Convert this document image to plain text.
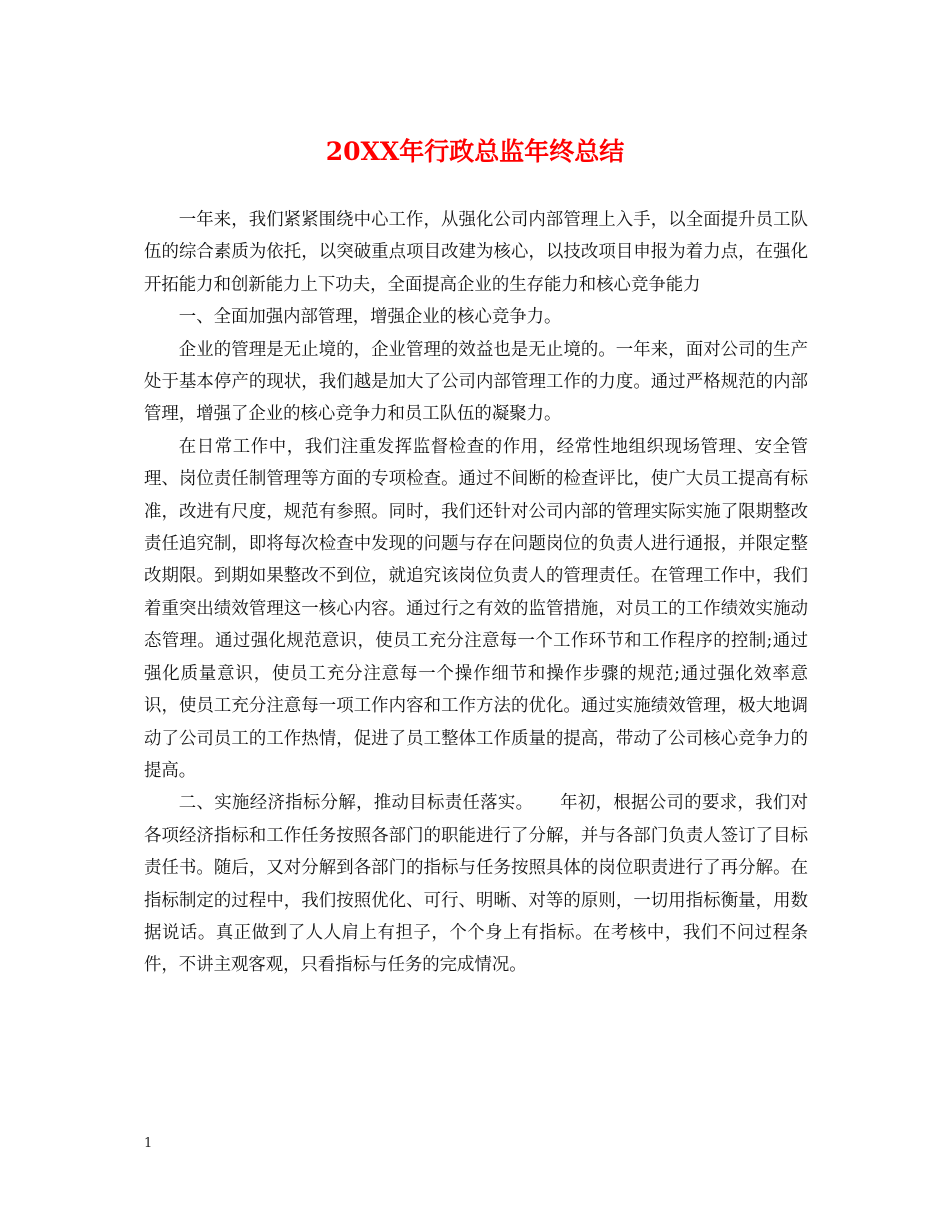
20XX年行政总监年终总结

一年来，我们紧紧围绕中心工作，从强化公司内部管理上入手，以全面提升员工队伍的综合素质为依托，以突破重点项目改建为核心，以技改项目申报为着力点，在强化开拓能力和创新能力上下功夫，全面提高企业的生存能力和核心竞争能力

一、全面加强内部管理，增强企业的核心竞争力。

企业的管理是无止境的，企业管理的效益也是无止境的。一年来，面对公司的生产处于基本停产的现状，我们越是加大了公司内部管理工作的力度。通过严格规范的内部管理，增强了企业的核心竞争力和员工队伍的凝聚力。

在日常工作中，我们注重发挥监督检查的作用，经常性地组织现场管理、安全管理、岗位责任制管理等方面的专项检查。通过不间断的检查评比，使广大员工提高有标准，改进有尺度，规范有参照。同时，我们还针对公司内部的管理实际实施了限期整改责任追究制，即将每次检查中发现的问题与存在问题岗位的负责人进行通报，并限定整改期限。到期如果整改不到位，就追究该岗位负责人的管理责任。在管理工作中，我们着重突出绩效管理这一核心内容。通过行之有效的监管措施，对员工的工作绩效实施动态管理。通过强化规范意识，使员工充分注意每一个工作环节和工作程序的控制;通过强化质量意识，使员工充分注意每一个操作细节和操作步骤的规范;通过强化效率意识，使员工充分注意每一项工作内容和工作方法的优化。通过实施绩效管理，极大地调动了公司员工的工作热情，促进了员工整体工作质量的提高，带动了公司核心竞争力的提高。

二、实施经济指标分解，推动目标责任落实。　　年初，根据公司的要求，我们对各项经济指标和工作任务按照各部门的职能进行了分解，并与各部门负责人签订了目标责任书。随后，又对分解到各部门的指标与任务按照具体的岗位职责进行了再分解。在指标制定的过程中，我们按照优化、可行、明晰、对等的原则，一切用指标衡量，用数据说话。真正做到了人人肩上有担子，个个身上有指标。在考核中，我们不问过程条件，不讲主观客观，只看指标与任务的完成情况。

1
